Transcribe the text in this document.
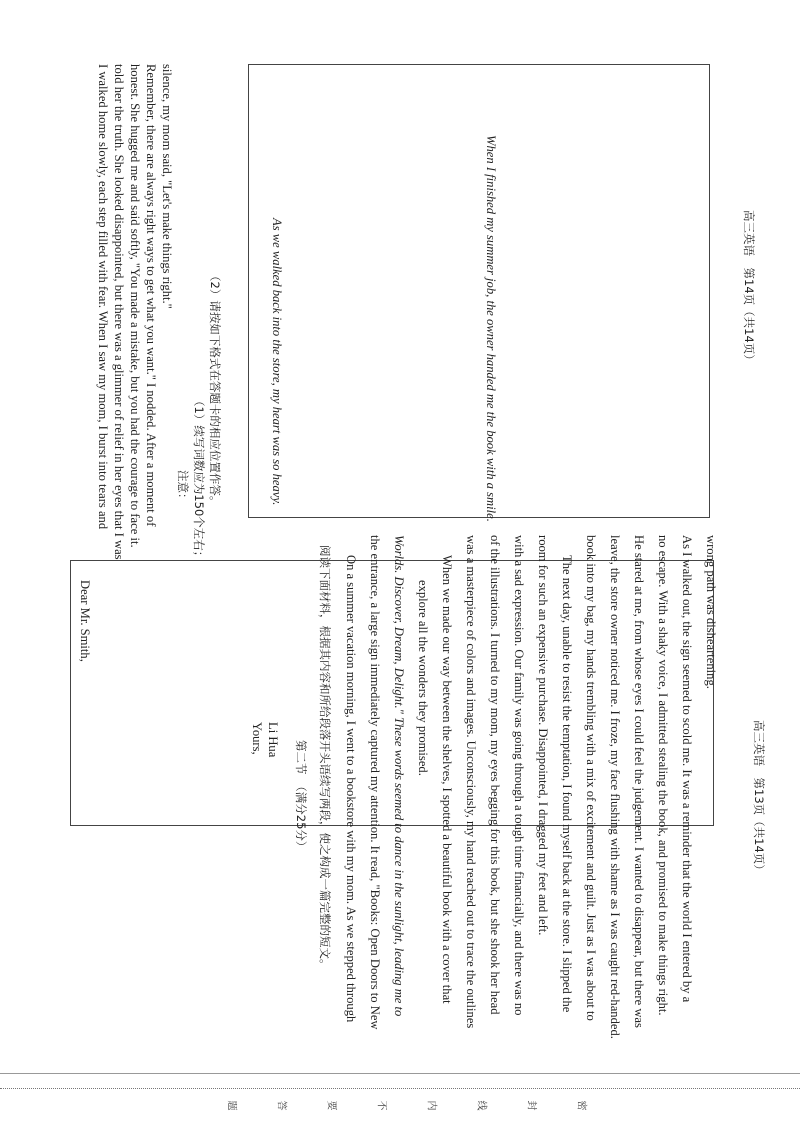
I walked home slowly, each step filled with fear. When I saw my mom, I burst into tears and told her the truth. She looked disappointed, but there was a glimmer of relief in her eyes that I was honest. She hugged me and said softly, "You made a mistake, but you had the courage to face it. Remember, there are always right ways to get what you want." I nodded. After a moment of silence, my mom said, "Let's make things right."
注意： （1）续写词数应为150个左右； （2）请按如下格式在答题卡的相应位置作答。	As we walked back into the store, my heart was so heavy.	When I finished my summer job, the owner handed me the book with a smile.	高三英语　第14页（共14页）
Dear Mr. Smith,
Yours, Li Hua
第二节　（满分25分） 阅读下面材料，根据其内容和所给段落开头语续写两段，使之构成一篇完整的短文。 On a summer vacation morning, I went to a bookstore with my mom. As we stepped through the entrance, a large sign immediately captured my attention. It read, "Books: Open Doors to New Worlds. Discover, Dream, Delight." These words seemed to dance in the sunlight, leading me to explore all the wonders they promised. When we made our way between the shelves, I spotted a beautiful book with a cover that was a masterpiece of colors and images. Unconsciously, my hand reached out to trace the outlines of the illustrations. I turned to my mom, my eyes begging for this book, but she shook her head with a sad expression. Our family was going through a tough time financially, and there was no room for such an expensive purchase. Disappointed, I dragged my feet and left. The next day, unable to resist the temptation, I found myself back at the store. I slipped the book into my bag, my hands trembling with a mix of excitement and guilt. Just as I was about to leave, the store owner noticed me. I froze, my face flushing with shame as I was caught red-handed. He stared at me, from whose eyes I could feel the judgement. I wanted to disappear, but there was no escape. With a shaky voice, I admitted stealing the book, and promised to make things right. As I walked out, the sign seemed to scold me. It was a reminder that the world I entered by a wrong path was disheartening.
高三英语　第13页（共14页）
题	答	要	不	内	线	封	密
